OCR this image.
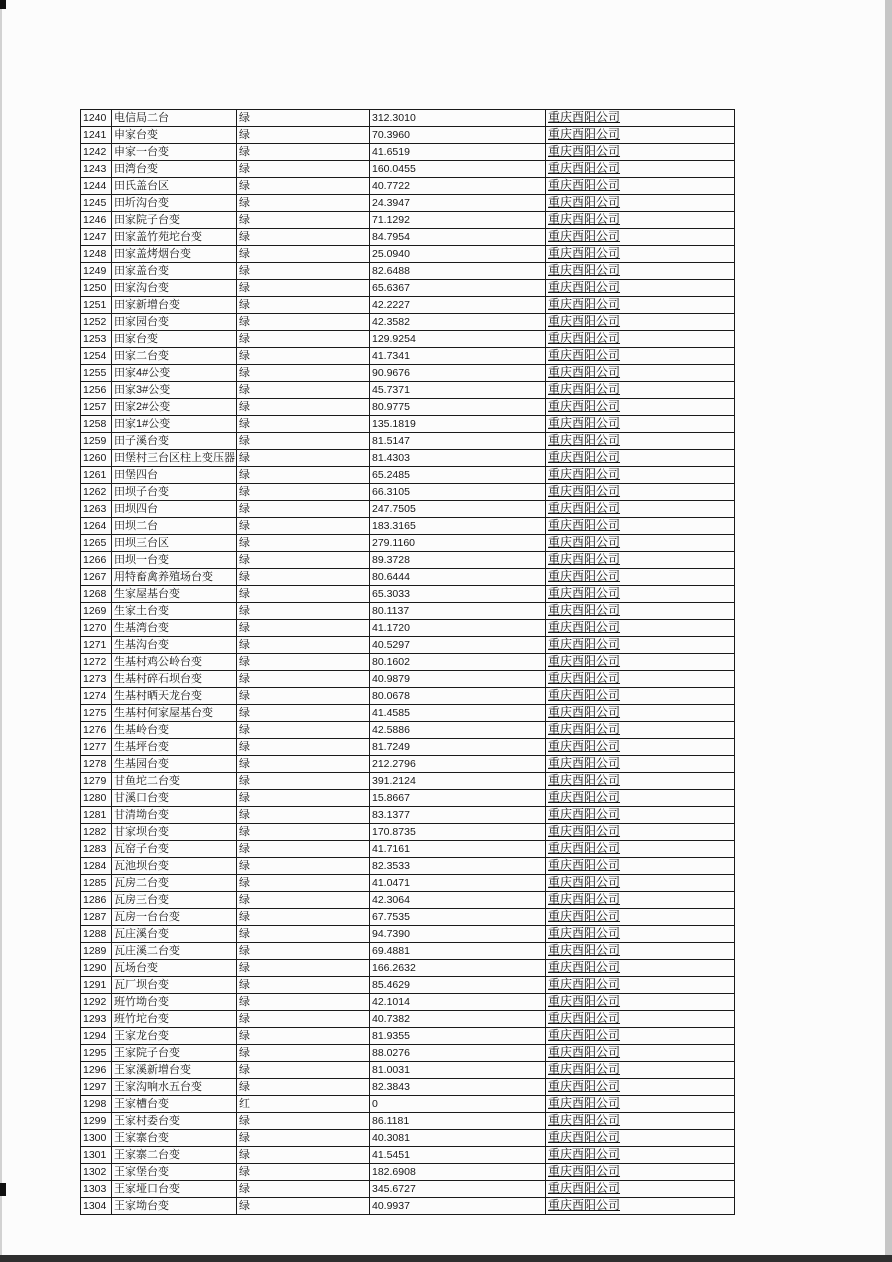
1240	电信局二台	绿	312.3010	重庆酉阳公司
1241	申家台变	绿	70.3960	重庆酉阳公司
1242	申家一台变	绿	41.6519	重庆酉阳公司
1243	田湾台变	绿	160.0455	重庆酉阳公司
1244	田氏盖台区	绿	40.7722	重庆酉阳公司
1245	田圻沟台变	绿	24.3947	重庆酉阳公司
1246	田家院子台变	绿	71.1292	重庆酉阳公司
1247	田家盖竹苑坨台变	绿	84.7954	重庆酉阳公司
1248	田家盖烤烟台变	绿	25.0940	重庆酉阳公司
1249	田家盖台变	绿	82.6488	重庆酉阳公司
1250	田家沟台变	绿	65.6367	重庆酉阳公司
1251	田家新增台变	绿	42.2227	重庆酉阳公司
1252	田家园台变	绿	42.3582	重庆酉阳公司
1253	田家台变	绿	129.9254	重庆酉阳公司
1254	田家二台变	绿	41.7341	重庆酉阳公司
1255	田家4#公变	绿	90.9676	重庆酉阳公司
1256	田家3#公变	绿	45.7371	重庆酉阳公司
1257	田家2#公变	绿	80.9775	重庆酉阳公司
1258	田家1#公变	绿	135.1819	重庆酉阳公司
1259	田子溪台变	绿	81.5147	重庆酉阳公司
1260	田堡村三台区柱上变压器	绿	81.4303	重庆酉阳公司
1261	田堡四台	绿	65.2485	重庆酉阳公司
1262	田坝子台变	绿	66.3105	重庆酉阳公司
1263	田坝四台	绿	247.7505	重庆酉阳公司
1264	田坝二台	绿	183.3165	重庆酉阳公司
1265	田坝三台区	绿	279.1160	重庆酉阳公司
1266	田坝一台变	绿	89.3728	重庆酉阳公司
1267	用特畜禽养殖场台变	绿	80.6444	重庆酉阳公司
1268	生家屋基台变	绿	65.3033	重庆酉阳公司
1269	生家土台变	绿	80.1137	重庆酉阳公司
1270	生基湾台变	绿	41.1720	重庆酉阳公司
1271	生基沟台变	绿	40.5297	重庆酉阳公司
1272	生基村鸡公岭台变	绿	80.1602	重庆酉阳公司
1273	生基村碎石坝台变	绿	40.9879	重庆酉阳公司
1274	生基村晒天龙台变	绿	80.0678	重庆酉阳公司
1275	生基村何家屋基台变	绿	41.4585	重庆酉阳公司
1276	生基岭台变	绿	42.5886	重庆酉阳公司
1277	生基坪台变	绿	81.7249	重庆酉阳公司
1278	生基园台变	绿	212.2796	重庆酉阳公司
1279	甘鱼坨二台变	绿	391.2124	重庆酉阳公司
1280	甘溪口台变	绿	15.8667	重庆酉阳公司
1281	甘清坳台变	绿	83.1377	重庆酉阳公司
1282	甘家坝台变	绿	170.8735	重庆酉阳公司
1283	瓦窑子台变	绿	41.7161	重庆酉阳公司
1284	瓦池坝台变	绿	82.3533	重庆酉阳公司
1285	瓦房二台变	绿	41.0471	重庆酉阳公司
1286	瓦房三台变	绿	42.3064	重庆酉阳公司
1287	瓦房一台台变	绿	67.7535	重庆酉阳公司
1288	瓦庄溪台变	绿	94.7390	重庆酉阳公司
1289	瓦庄溪二台变	绿	69.4881	重庆酉阳公司
1290	瓦场台变	绿	166.2632	重庆酉阳公司
1291	瓦厂坝台变	绿	85.4629	重庆酉阳公司
1292	班竹坳台变	绿	42.1014	重庆酉阳公司
1293	班竹坨台变	绿	40.7382	重庆酉阳公司
1294	王家龙台变	绿	81.9355	重庆酉阳公司
1295	王家院子台变	绿	88.0276	重庆酉阳公司
1296	王家溪新增台变	绿	81.0031	重庆酉阳公司
1297	王家沟响水五台变	绿	82.3843	重庆酉阳公司
1298	王家槽台变	红	0	重庆酉阳公司
1299	王家村委台变	绿	86.1181	重庆酉阳公司
1300	王家寨台变	绿	40.3081	重庆酉阳公司
1301	王家寨二台变	绿	41.5451	重庆酉阳公司
1302	王家堡台变	绿	182.6908	重庆酉阳公司
1303	王家垭口台变	绿	345.6727	重庆酉阳公司
1304	王家坳台变	绿	40.9937	重庆酉阳公司
